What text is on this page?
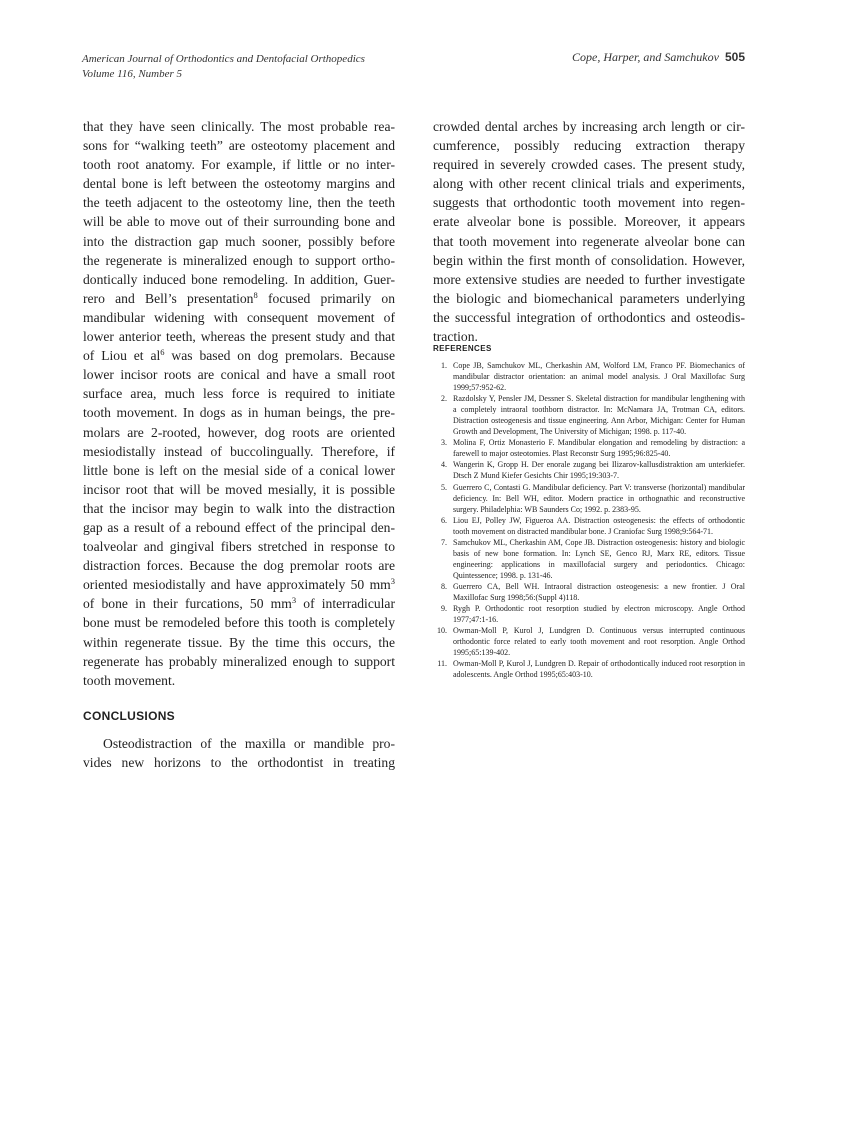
American Journal of Orthodontics and Dentofacial Orthopedics
Volume 116, Number 5
Cope, Harper, and Samchukov 505

that they have seen clinically. The most probable rea-
sons for “walking teeth” are osteotomy placement and
tooth root anatomy. For example, if little or no inter-
dental bone is left between the osteotomy margins and
the teeth adjacent to the osteotomy line, then the teeth
will be able to move out of their surrounding bone and
into the distraction gap much sooner, possibly before
the regenerate is mineralized enough to support ortho-
dontically induced bone remodeling. In addition, Guer-
rero and Bell’s presentation$^8$ focused primarily on
mandibular widening with consequent movement of
lower anterior teeth, whereas the present study and that
of Liou et $al^6$ was based on dog premolars. Because
lower incisor roots are conical and have a small root
surface area, much less force is required to initiate
tooth movement. In dogs as in human beings, the pre-
molars are 2-rooted, however, dog roots are oriented
mesiodistally instead of buccolingually. Therefore, if
little bone is left on the mesial side of a conical lower
incisor root that will be moved mesially, it is possible
that the incisor may begin to walk into the distraction
gap as a result of a rebound effect of the principal den-
toalveolar and gingival fibers stretched in response to
distraction forces. Because the dog premolar roots are
oriented mesiodistally and have approximately 50 $mm^3$
of bone in their furcations, 50 $mm^3$ of interradicular
bone must be remodeled before this tooth is completely
within regenerate tissue. By the time this occurs, the
regenerate has probably mineralized enough to support
tooth movement.

CONCLUSIONS

Osteodistraction of the maxilla or mandible pro-
vides new horizons to the orthodontist in treating

crowded dental arches by increasing arch length or cir-
cumference, possibly reducing extraction therapy
required in severely crowded cases. The present study,
along with other recent clinical trials and experiments,
suggests that orthodontic tooth movement into regen-
erate alveolar bone is possible. Moreover, it appears
that tooth movement into regenerate alveolar bone can
begin within the first month of consolidation. However,
more extensive studies are needed to further investigate
the biologic and biomechanical parameters underlying
the successful integration of orthodontics and osteodis-
traction.

REFERENCES
1. Cope JB, Samchukov ML, Cherkashin AM, Wolford LM, Franco PF. Biomechanics of mandibular distractor orientation: an animal model analysis. J Oral Maxillofac Surg 1999;57:952-62.
2. Razdolsky Y, Pensler JM, Dessner S. Skeletal distraction for mandibular lengthening with a completely intraoral toothborn distractor. In: McNamara JA, Trotman CA, editors. Distraction osteogenesis and tissue engineering. Ann Arbor, Michigan: Center for Human Growth and Development, The University of Michigan; 1998. p. 117-40.
3. Molina F, Ortiz Monasterio F. Mandibular elongation and remodeling by distraction: a farewell to major osteotomies. Plast Reconstr Surg 1995;96:825-40.
4. Wangerin K, Gropp H. Der enorale zugang bei Ilizarov-kallusdistraktion am unterkiefer. Dtsch Z Mund Kiefer Gesichts Chir 1995;19:303-7.
5. Guerrero C, Contasti G. Mandibular deficiency. Part V: transverse (horizontal) mandibular deficiency. In: Bell WH, editor. Modern practice in orthognathic and reconstructive surgery. Philadelphia: WB Saunders Co; 1992. p. 2383-95.
6. Liou EJ, Polley JW, Figueroa AA. Distraction osteogenesis: the effects of orthodontic tooth movement on distracted mandibular bone. J Craniofac Surg 1998;9:564-71.
7. Samchukov ML, Cherkashin AM, Cope JB. Distraction osteogenesis: history and biologic basis of new bone formation. In: Lynch SE, Genco RJ, Marx RE, editors. Tissue engineering: applications in maxillofacial surgery and periodontics. Chicago: Quintessence; 1998. p. 131-46.
8. Guerrero CA, Bell WH. Intraoral distraction osteogenesis: a new frontier. J Oral Maxillofac Surg 1998;56:(Suppl 4)118.
9. Rygh P. Orthodontic root resorption studied by electron microscopy. Angle Orthod 1977;47:1-16.
10. Owman-Moll P, Kurol J, Lundgren D. Continuous versus interrupted continuous orthodontic force related to early tooth movement and root resorption. Angle Orthod 1995;65:139-402.
11. Owman-Moll P, Kurol J, Lundgren D. Repair of orthodontically induced root resorption in adolescents. Angle Orthod 1995;65:403-10.
